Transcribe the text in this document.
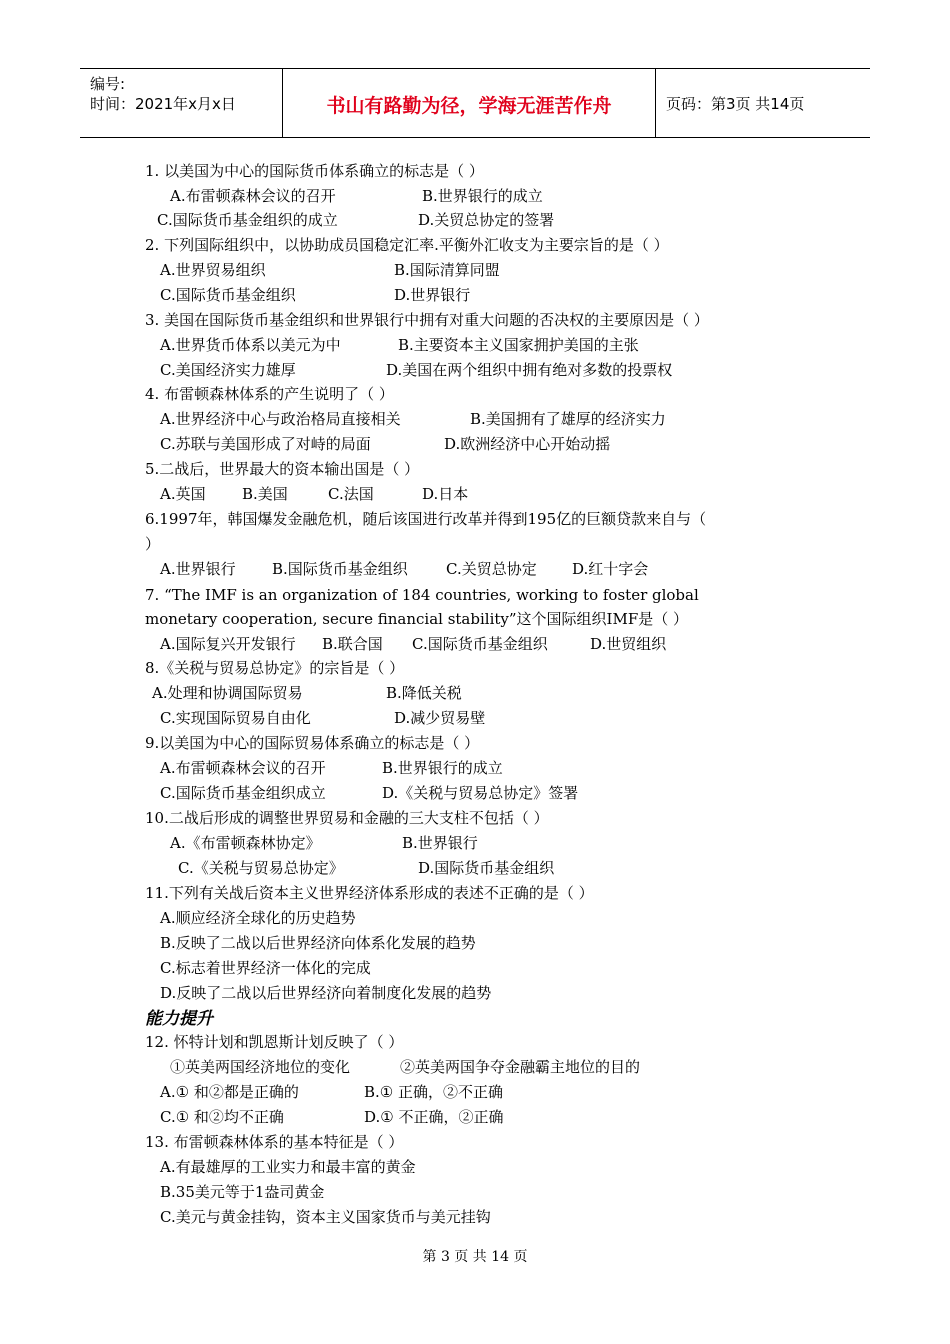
编号:
时间：2021年x月x日	书山有路勤为径，学海无涯苦作舟	页码：第3页 共14页
1. 以美国为中心的国际货币体系确立的标志是（ ）
A.布雷顿森林会议的召开	B.世界银行的成立
C.国际货币基金组织的成立	D.关贸总协定的签署
2. 下列国际组织中，以协助成员国稳定汇率.平衡外汇收支为主要宗旨的是（ ）
A.世界贸易组织	B.国际清算同盟
C.国际货币基金组织	D.世界银行
3. 美国在国际货币基金组织和世界银行中拥有对重大问题的否决权的主要原因是（ ）
A.世界货币体系以美元为中	B.主要资本主义国家拥护美国的主张
C.美国经济实力雄厚	D.美国在两个组织中拥有绝对多数的投票权
4. 布雷顿森林体系的产生说明了（ ）
A.世界经济中心与政治格局直接相关	B.美国拥有了雄厚的经济实力
C.苏联与美国形成了对峙的局面	D.欧洲经济中心开始动摇
5.二战后，世界最大的资本输出国是（ ）
A.英国 B.美国	C.法国	D.日本
6.1997年，韩国爆发金融危机，随后该国进行改革并得到195亿的巨额贷款来自与（
）
A.世界银行 B.国际货币基金组织	C.关贸总协定 D.红十字会
7. “The IMF is an organization of 184 countries, working to foster global
monetary cooperation, secure financial stability”这个国际组织IMF是（ ）
A.国际复兴开发银行 B.联合国 C.国际货币基金组织	D.世贸组织
8.《关税与贸易总协定》的宗旨是（ ）
A.处理和协调国际贸易	B.降低关税
C.实现国际贸易自由化	D.减少贸易壁
9.以美国为中心的国际贸易体系确立的标志是（ ）
A.布雷顿森林会议的召开	B.世界银行的成立
C.国际货币基金组织成立	D.《关税与贸易总协定》签署
10.二战后形成的调整世界贸易和金融的三大支柱不包括（ ）
A.《布雷顿森林协定》	B.世界银行
C.《关税与贸易总协定》	D.国际货币基金组织
11.下列有关战后资本主义世界经济体系形成的表述不正确的是（ ）
A.顺应经济全球化的历史趋势
B.反映了二战以后世界经济向体系化发展的趋势
C.标志着世界经济一体化的完成
D.反映了二战以后世界经济向着制度化发展的趋势
12. 怀特计划和凯恩斯计划反映了（ ）
①英美两国经济地位的变化	②英美两国争夺金融霸主地位的目的
A.① 和②都是正确的	B.① 正确，②不正确
C.① 和②均不正确	D.① 不正确，②正确
13. 布雷顿森林体系的基本特征是（ ）
A.有最雄厚的工业实力和最丰富的黄金
B.35美元等于1盎司黄金
C.美元与黄金挂钩，资本主义国家货币与美元挂钩
能力提升
第 3 页 共 14 页
